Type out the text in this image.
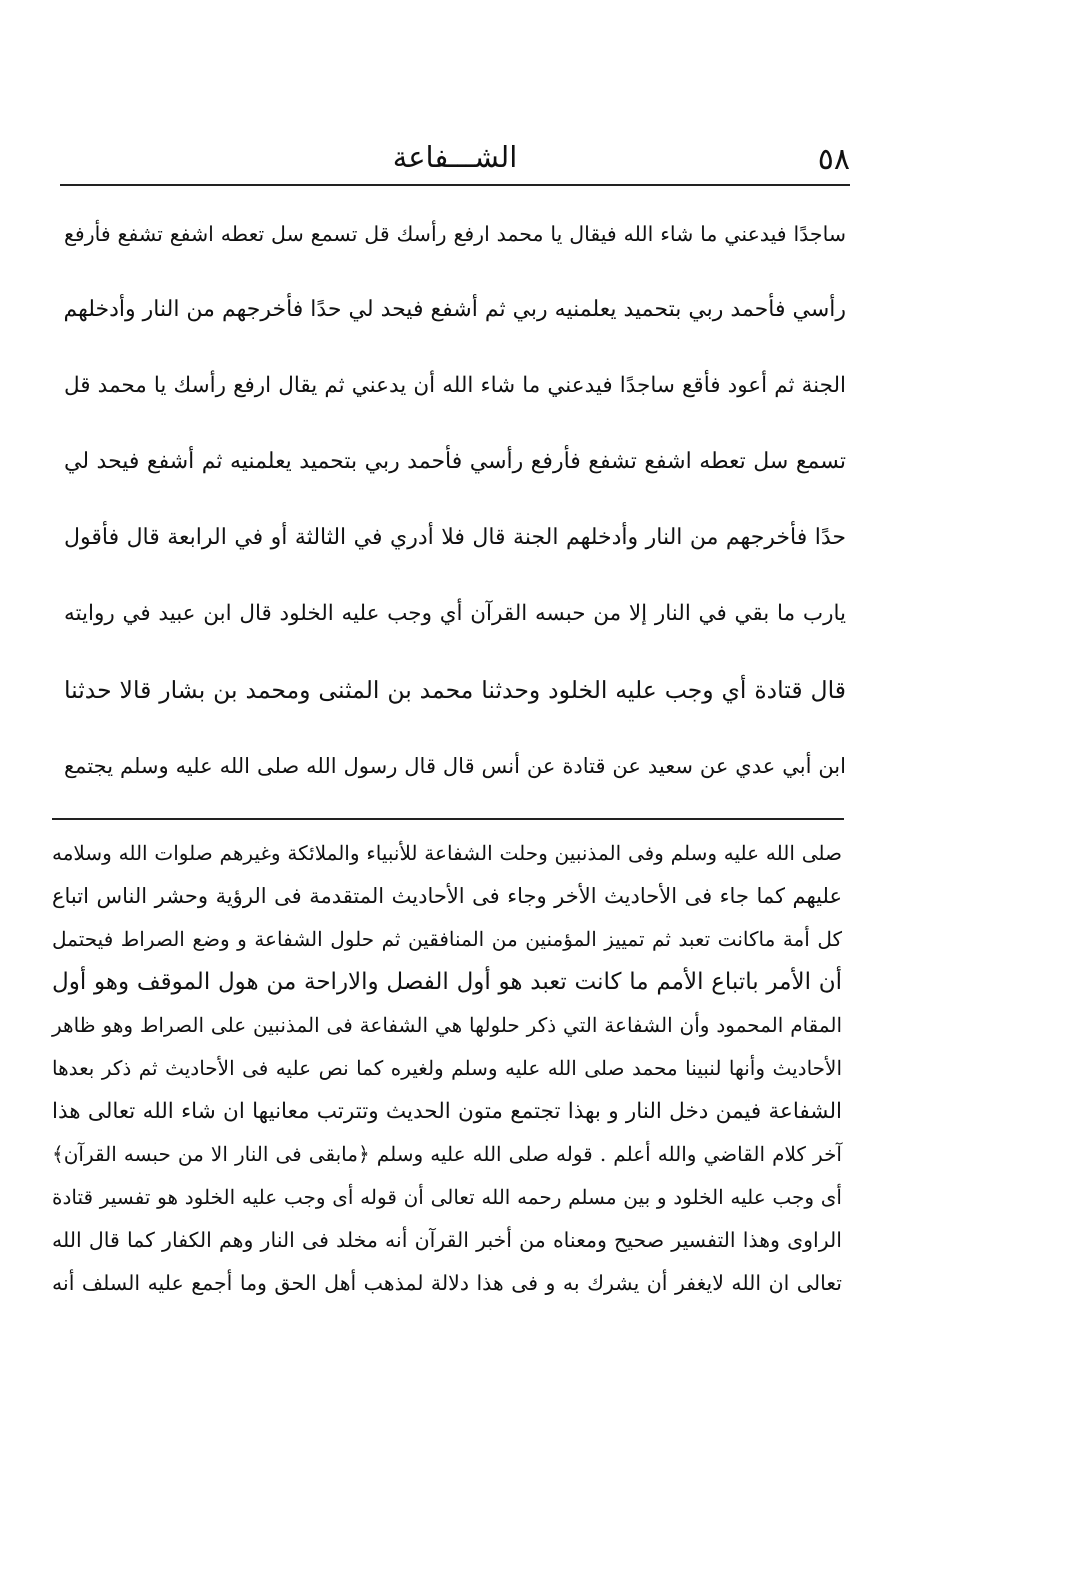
٥٨
الشـــفاعة
ساجدًا فيدعني ما شاء الله فيقال يا محمد ارفع رأسك قل تسمع سل تعطه اشفع تشفع فأرفع
رأسي فأحمد ربي بتحميد يعلمنيه ربي ثم أشفع فيحد لي حدًا فأخرجهم من النار وأدخلهم
الجنة ثم أعود فأقع ساجدًا فيدعني ما شاء الله أن يدعني ثم يقال ارفع رأسك يا محمد قل
تسمع سل تعطه اشفع تشفع فأرفع رأسي فأحمد ربي بتحميد يعلمنيه ثم أشفع فيحد لي
حدًا فأخرجهم من النار وأدخلهم الجنة قال فلا أدري في الثالثة أو في الرابعة قال فأقول
يارب ما بقي في النار إلا من حبسه القرآن أي وجب عليه الخلود قال ابن عبيد في روايته
قال قتادة أي وجب عليه الخلود وحدثنا محمد بن المثنى ومحمد بن بشار قالا حدثنا
ابن أبي عدي عن سعيد عن قتادة عن أنس قال قال رسول الله صلى الله عليه وسلم يجتمع
صلى الله عليه وسلم وفى المذنبين وحلت الشفاعة للأنبياء والملائكة وغيرهم صلوات الله وسلامه
عليهم كما جاء فى الأحاديث الأخر وجاء فى الأحاديث المتقدمة فى الرؤية وحشر الناس اتباع
كل أمة ماكانت تعبد ثم تمييز المؤمنين من المنافقين ثم حلول الشفاعة و وضع الصراط فيحتمل
أن الأمر باتباع الأمم ما كانت تعبد هو أول الفصل والاراحة من هول الموقف وهو أول
المقام المحمود وأن الشفاعة التي ذكر حلولها هي الشفاعة فى المذنبين على الصراط وهو ظاهر
الأحاديث وأنها لنبينا محمد صلى الله عليه وسلم ولغيره كما نص عليه فى الأحاديث ثم ذكر بعدها
الشفاعة فيمن دخل النار و بهذا تجتمع متون الحديث وتترتب معانيها ان شاء الله تعالى هذا
آخر كلام القاضي والله أعلم . قوله صلى الله عليه وسلم ﴿مابقى فى النار الا من حبسه القرآن﴾
أى وجب عليه الخلود و بين مسلم رحمه الله تعالى أن قوله أى وجب عليه الخلود هو تفسير قتادة
الراوى وهذا التفسير صحيح ومعناه من أخبر القرآن أنه مخلد فى النار وهم الكفار كما قال الله
تعالى ان الله لايغفر أن يشرك به و فى هذا دلالة لمذهب أهل الحق وما أجمع عليه السلف أنه
